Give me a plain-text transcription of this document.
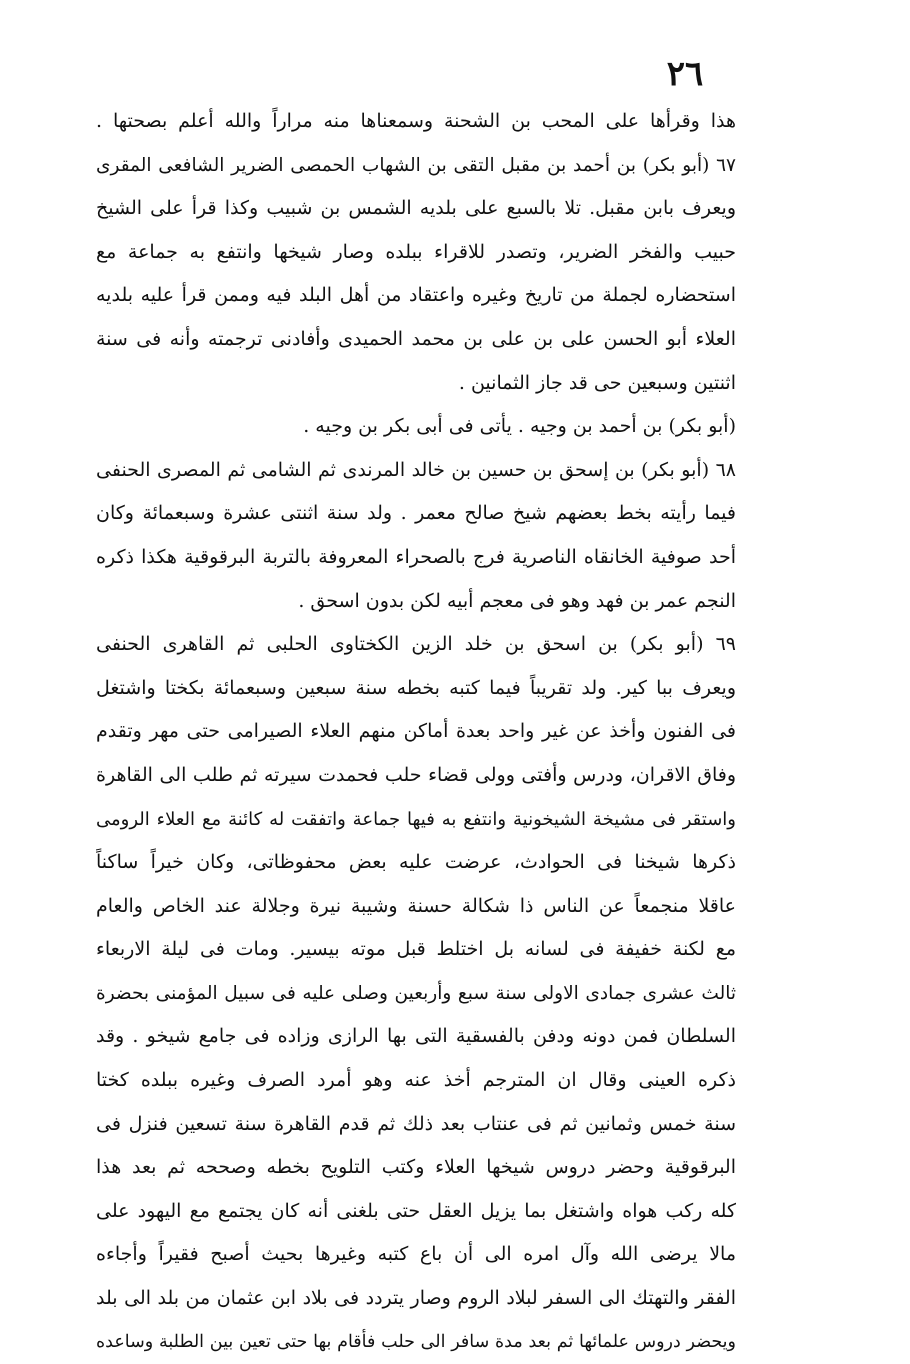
٢٦
هذا وقرأها على المحب بن الشحنة وسمعناها منه مراراً والله أعلم بصحتها .
٦٧ (أبو بكر) بن أحمد بن مقبل التقى بن الشهاب الحمصى الضرير الشافعى المقرى
ويعرف بابن مقبل. تلا بالسبع على بلديه الشمس بن شبيب وكذا قرأ على الشيخ
حبيب والفخر الضرير، وتصدر للاقراء ببلده وصار شيخها وانتفع به جماعة مع
استحضاره لجملة من تاريخ وغيره واعتقاد من أهل البلد فيه وممن قرأ عليه بلديه
العلاء أبو الحسن على بن على بن محمد الحميدى وأفادنى ترجمته وأنه فى سنة
اثنتين وسبعين حى قد جاز الثمانين .
(أبو بكر) بن أحمد بن وجيه . يأتى فى أبى بكر بن وجيه .
٦٨ (أبو بكر) بن إسحق بن حسين بن خالد المرندى ثم الشامى ثم المصرى الحنفى
فيما رأيته بخط بعضهم شيخ صالح معمر . ولد سنة اثنتى عشرة وسبعمائة وكان
أحد صوفية الخانقاه الناصرية فرج بالصحراء المعروفة بالتربة البرقوقية هكذا ذكره
النجم عمر بن فهد وهو فى معجم أبيه لكن بدون اسحق .
٦٩ (أبو بكر) بن اسحق بن خلد الزين الكختاوى الحلبى ثم القاهرى الحنفى
ويعرف ببا كير. ولد تقريباً فيما كتبه بخطه سنة سبعين وسبعمائة بكختا واشتغل
فى الفنون وأخذ عن غير واحد بعدة أماكن منهم العلاء الصيرامى حتى مهر وتقدم
وفاق الاقران، ودرس وأفتى وولى قضاء حلب فحمدت سيرته ثم طلب الى القاهرة
واستقر فى مشيخة الشيخونية وانتفع به فيها جماعة واتفقت له كائنة مع العلاء الرومى
ذكرها شيخنا فى الحوادث، عرضت عليه بعض محفوظاتى، وكان خيراً ساكناً
عاقلا منجمعاً عن الناس ذا شكالة حسنة وشيبة نيرة وجلالة عند الخاص والعام
مع لكنة خفيفة فى لسانه بل اختلط قبل موته بيسير. ومات فى ليلة الاربعاء
ثالث عشرى جمادى الاولى سنة سبع وأربعين وصلى عليه فى سبيل المؤمنى بحضرة
السلطان فمن دونه ودفن بالفسقية التى بها الرازى وزاده فى جامع شيخو . وقد
ذكره العينى وقال ان المترجم أخذ عنه وهو أمرد الصرف وغيره ببلده كختا
سنة خمس وثمانين ثم فى عنتاب بعد ذلك ثم قدم القاهرة سنة تسعين فنزل فى
البرقوقية وحضر دروس شيخها العلاء وكتب التلويح بخطه وصححه ثم بعد هذا
كله ركب هواه واشتغل بما يزيل العقل حتى بلغنى أنه كان يجتمع مع اليهود على
مالا يرضى الله وآل امره الى أن باع كتبه وغيرها بحيث أصبح فقيراً وأجاءه
الفقر والتهتك الى السفر لبلاد الروم وصار يتردد فى بلاد ابن عثمان من بلد الى بلد
ويحضر دروس علمائها ثم بعد مدة سافر الى حلب فأقام بها حتى تعين بين الطلبة وساعده
